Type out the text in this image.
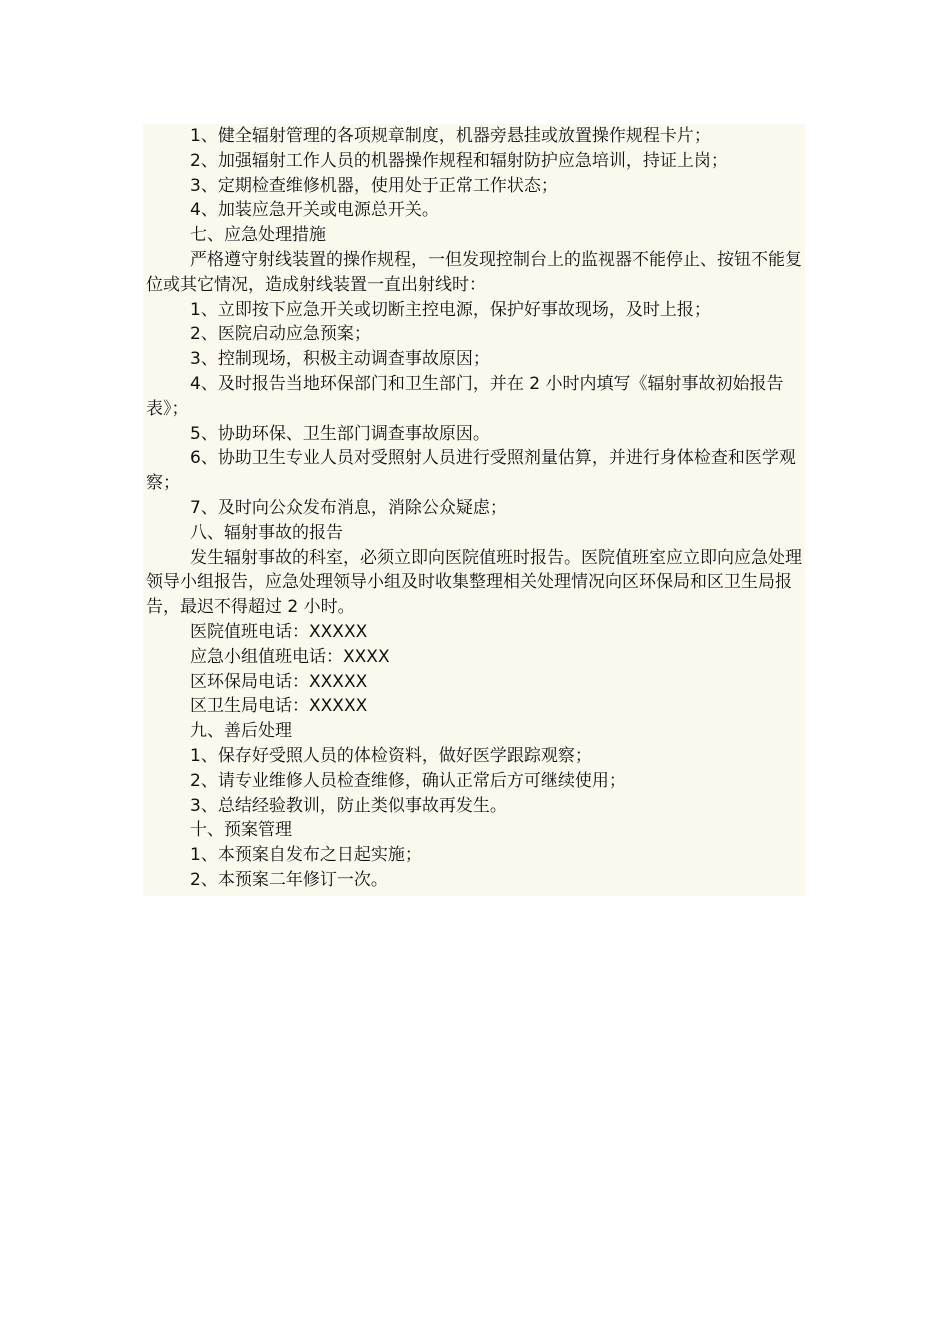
1、健全辐射管理的各项规章制度，机器旁悬挂或放置操作规程卡片；

2、加强辐射工作人员的机器操作规程和辐射防护应急培训，持证上岗；

3、定期检查维修机器，使用处于正常工作状态；

4、加装应急开关或电源总开关。

七、应急处理措施

严格遵守射线装置的操作规程，一但发现控制台上的监视器不能停止、按钮不能复位或其它情况，造成射线装置一直出射线时：

1、立即按下应急开关或切断主控电源，保护好事故现场，及时上报；

2、医院启动应急预案；

3、控制现场，积极主动调查事故原因；

4、及时报告当地环保部门和卫生部门，并在 2 小时内填写《辐射事故初始报告表》；

5、协助环保、卫生部门调查事故原因。

6、协助卫生专业人员对受照射人员进行受照剂量估算，并进行身体检查和医学观察；

7、及时向公众发布消息，消除公众疑虑；

八、辐射事故的报告

发生辐射事故的科室，必须立即向医院值班时报告。医院值班室应立即向应急处理领导小组报告，应急处理领导小组及时收集整理相关处理情况向区环保局和区卫生局报告，最迟不得超过 2 小时。

医院值班电话：XXXXX

应急小组值班电话：XXXX

区环保局电话：XXXXX

区卫生局电话：XXXXX

九、善后处理

1、保存好受照人员的体检资料，做好医学跟踪观察；

2、请专业维修人员检查维修，确认正常后方可继续使用；

3、总结经验教训，防止类似事故再发生。

十、预案管理

1、本预案自发布之日起实施；

2、本预案二年修订一次。
